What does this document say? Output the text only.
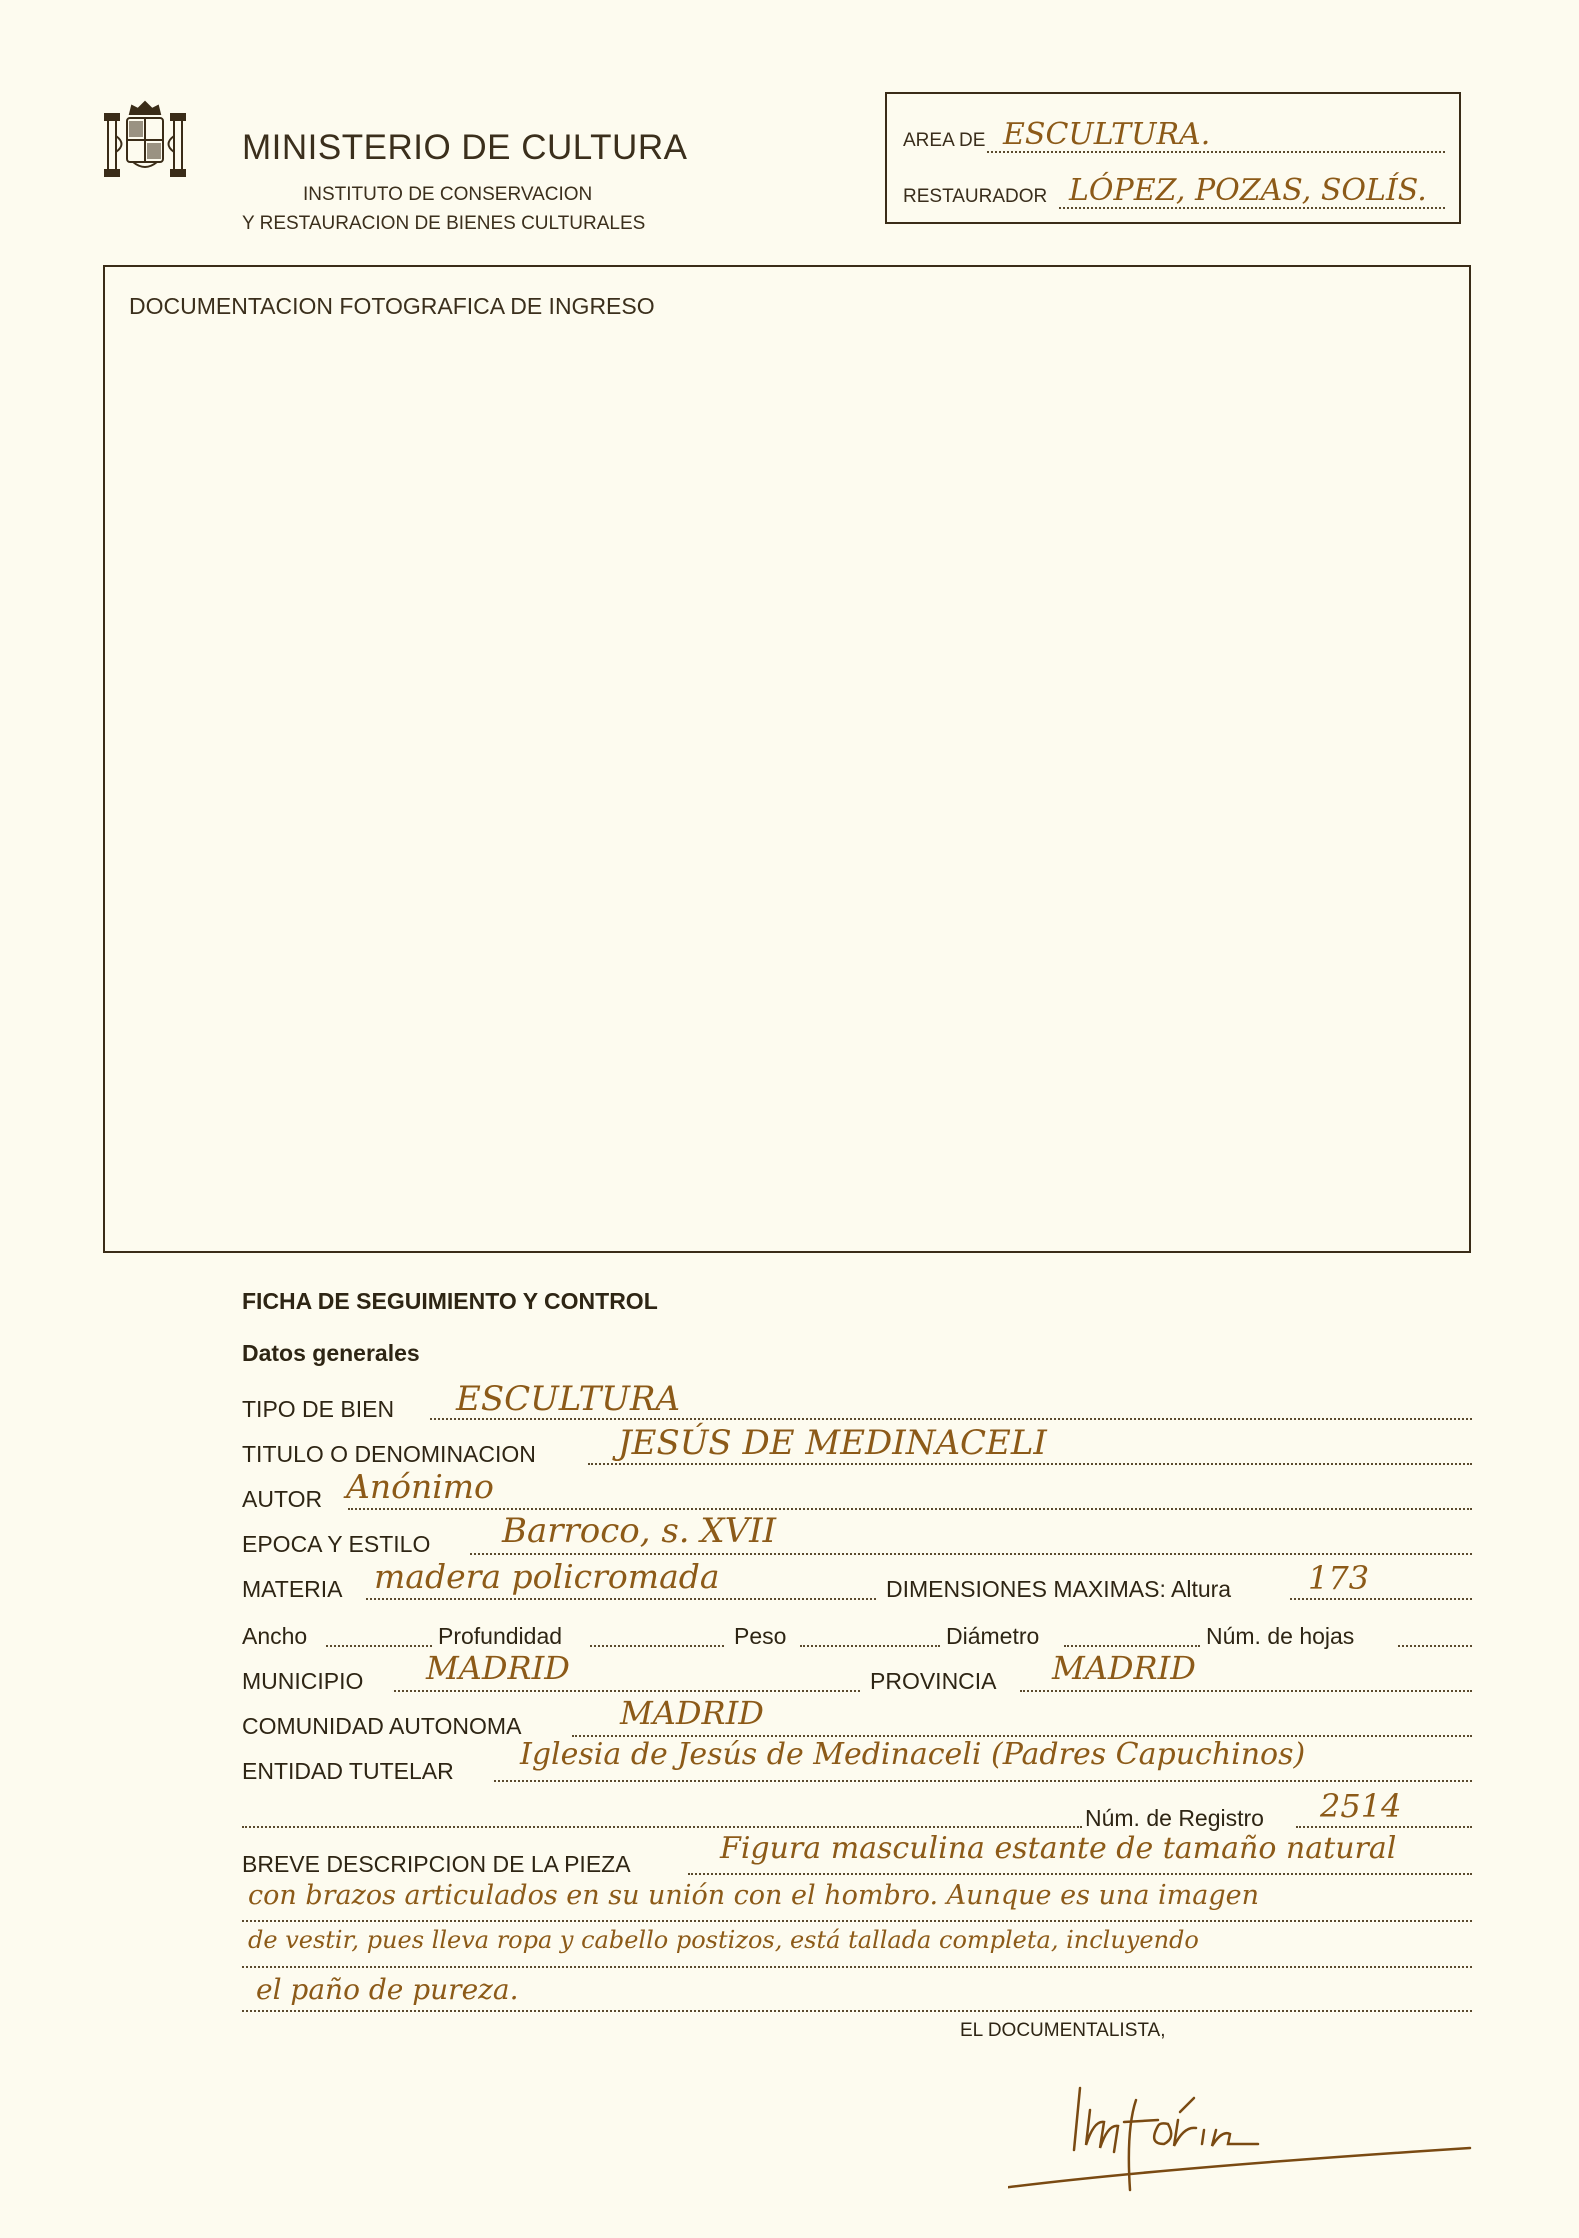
MINISTERIO DE CULTURA
INSTITUTO DE CONSERVACION
Y RESTAURACION DE BIENES CULTURALES
AREA DE ESCULTURA.
RESTAURADOR LÓPEZ, POZAS, SOLÍS.
DOCUMENTACION FOTOGRAFICA DE INGRESO
FICHA DE SEGUIMIENTO Y CONTROL
Datos generales
TIPO DE BIEN ESCULTURA
TITULO O DENOMINACION JESÚS DE MEDINACELI
AUTOR Anónimo
EPOCA Y ESTILO Barroco, s. XVII
MATERIA madera policromada	DIMENSIONES MAXIMAS: Altura 173
Ancho	Profundidad	Peso	Diámetro	Núm. de hojas
MUNICIPIO MADRID	PROVINCIA MADRID
COMUNIDAD AUTONOMA	MADRID
ENTIDAD TUTELAR Iglesia de Jesús de Medinaceli (Padres Capuchinos)
Núm. de Registro 2514
BREVE DESCRIPCION DE LA PIEZA	Figura masculina estante de tamaño natural
con brazos articulados en su unión con el hombro. Aunque es una imagen
de vestir, pues lleva ropa y cabello postizos, está tallada completa, incluyendo
el paño de pureza.
EL DOCUMENTALISTA,
